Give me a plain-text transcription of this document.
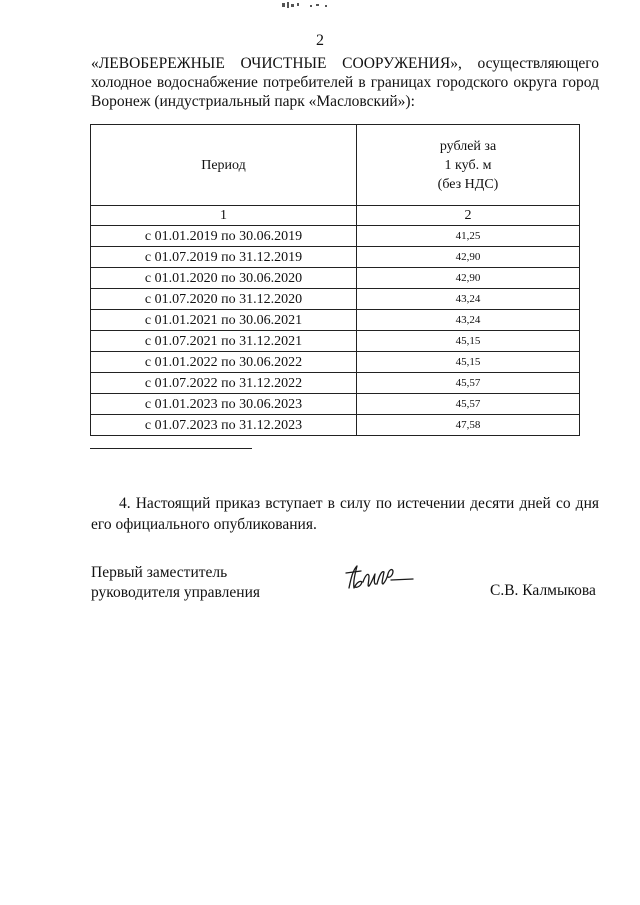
2
«ЛЕВОБЕРЕЖНЫЕ ОЧИСТНЫЕ СООРУЖЕНИЯ», осуществляющего
холодное водоснабжение потребителей в границах городского округа город
Воронеж (индустриальный парк «Масловский»):
Период	рублей за
1 куб. м
(без НДС)

1	2
с 01.01.2019 по 30.06.2019	41,25
с 01.07.2019 по 31.12.2019	42,90
с 01.01.2020 по 30.06.2020	42,90
с 01.07.2020 по 31.12.2020	43,24
с 01.01.2021 по 30.06.2021	43,24
с 01.07.2021 по 31.12.2021	45,15
с 01.01.2022 по 30.06.2022	45,15
с 01.07.2022 по 31.12.2022	45,57
с 01.01.2023 по 30.06.2023	45,57
с 01.07.2023 по 31.12.2023	47,58
4. Настоящий приказ вступает в силу по истечении десяти дней со дня
его официального опубликования.
Первый заместитель
руководителя управления	С.В. Калмыкова
